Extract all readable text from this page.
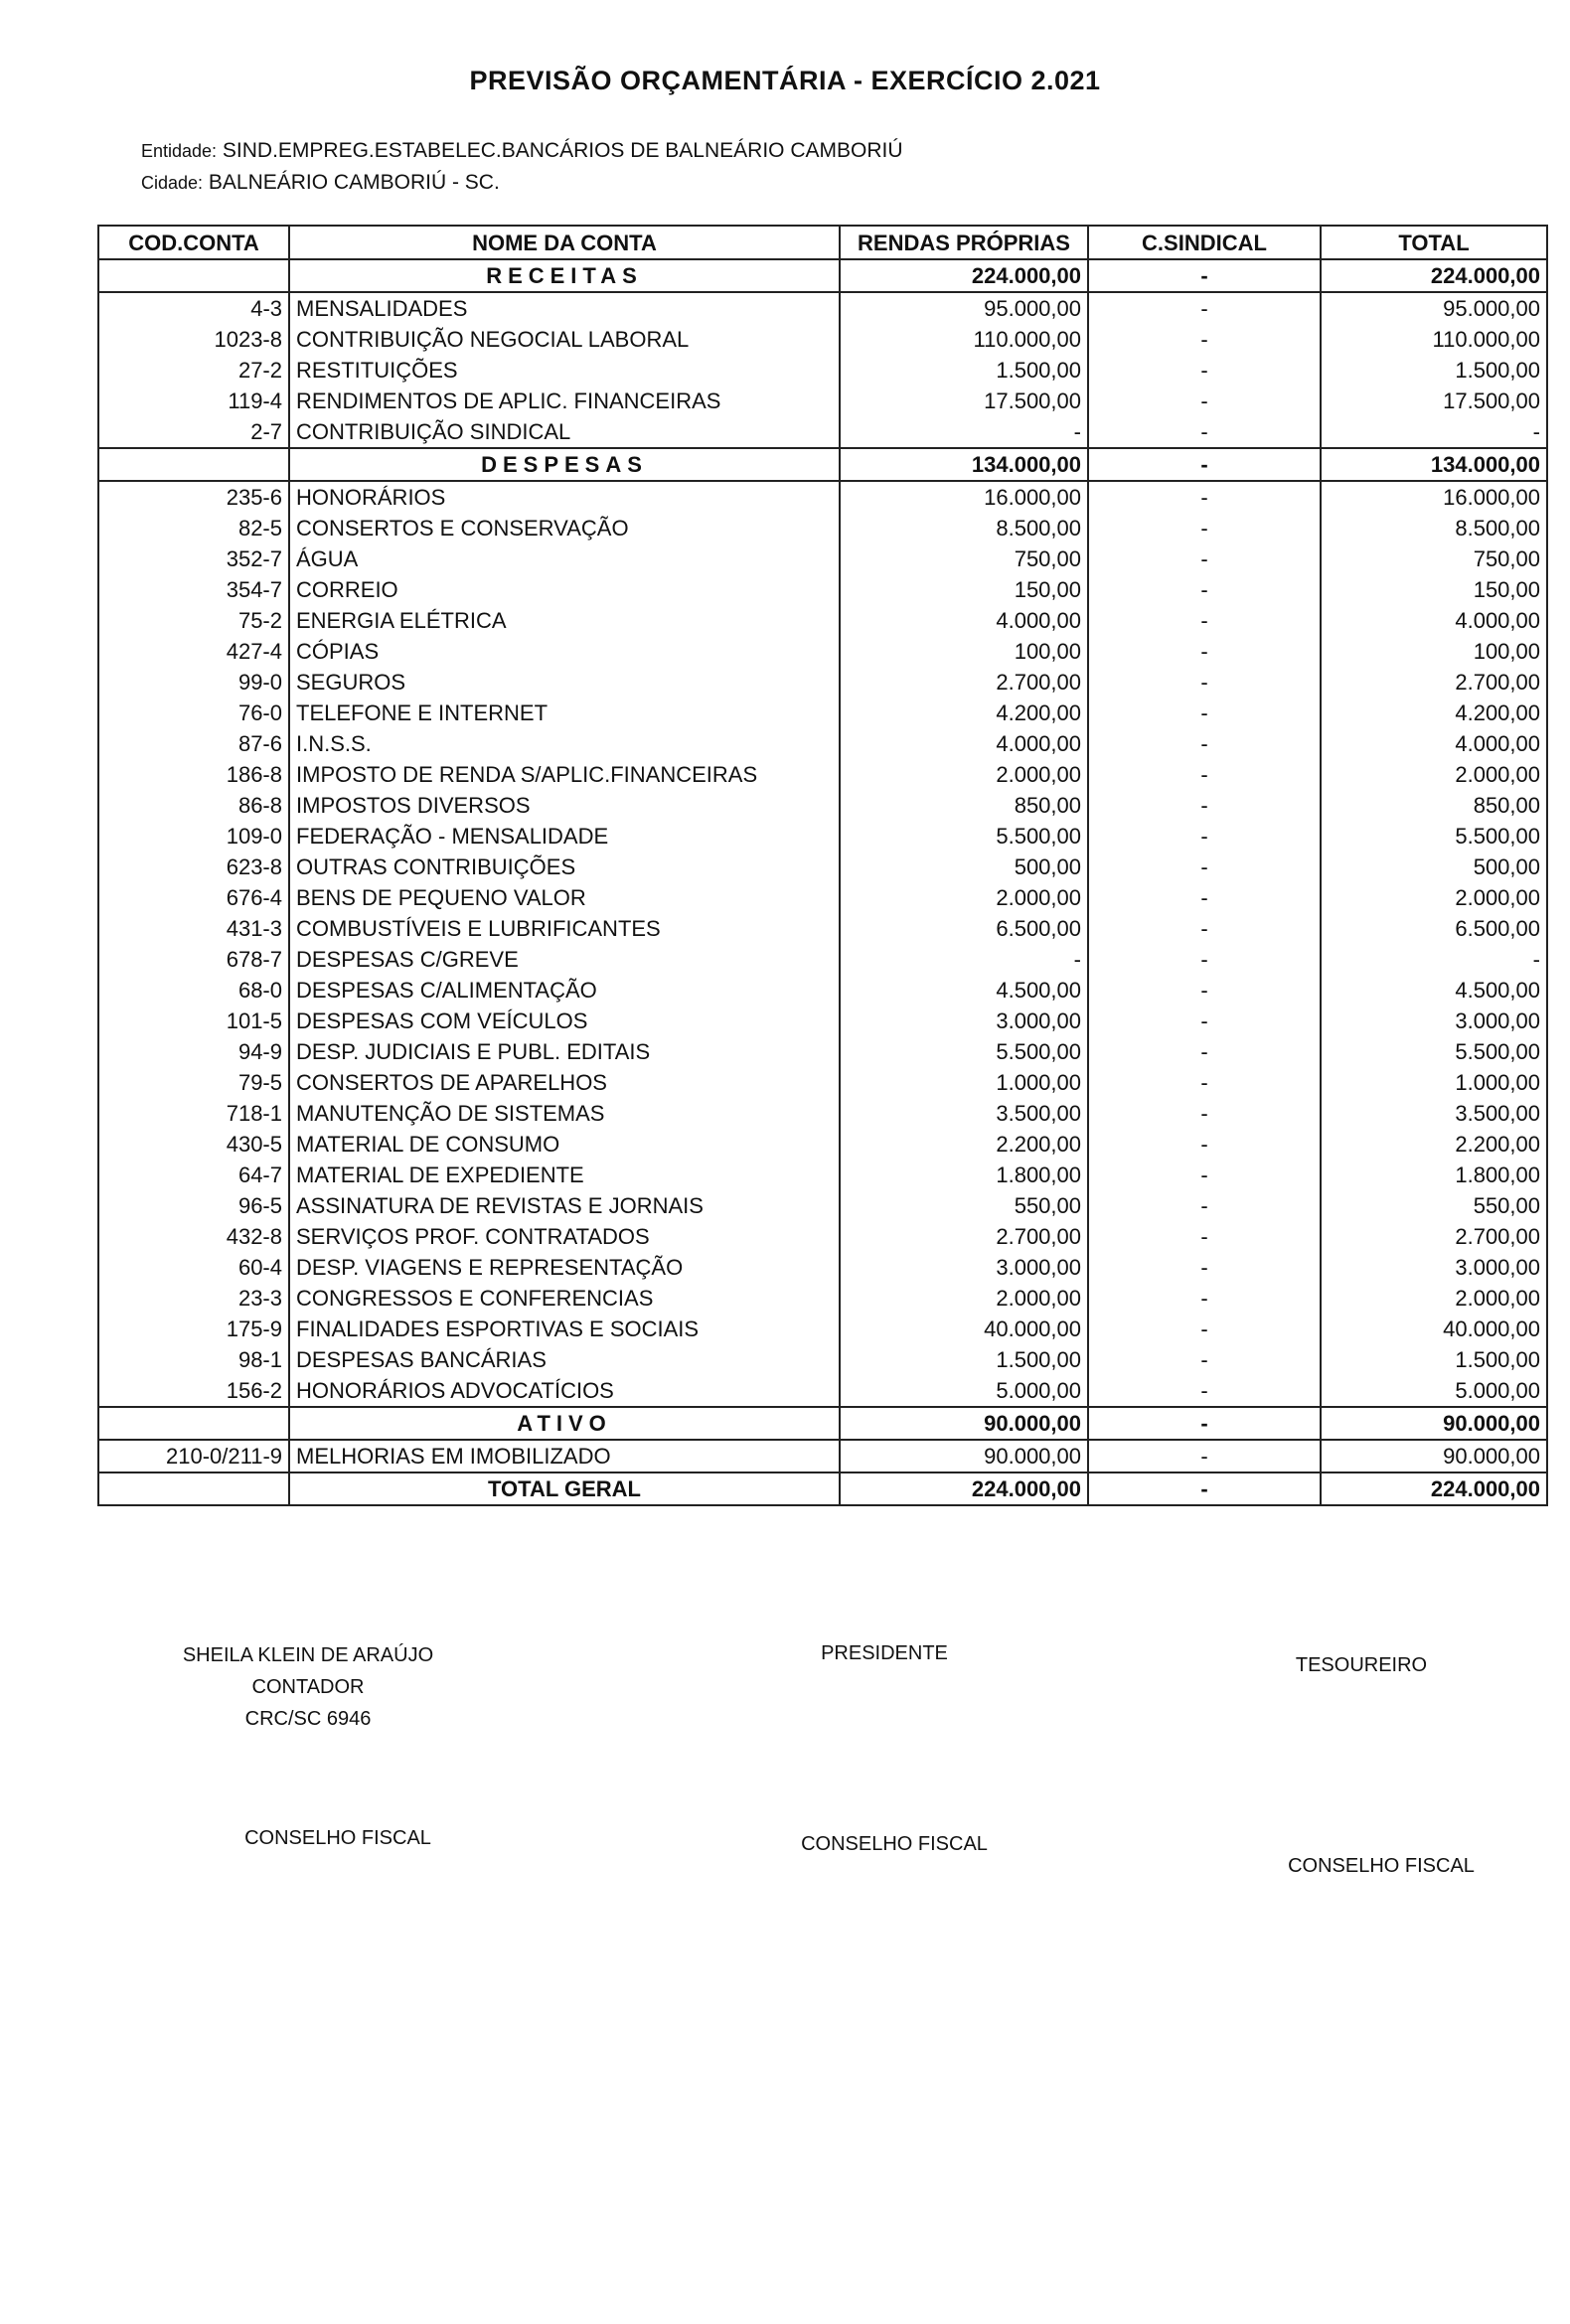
PREVISÃO ORÇAMENTÁRIA - EXERCÍCIO 2.021
Entidade: SIND.EMPREG.ESTABELEC.BANCÁRIOS DE BALNEÁRIO CAMBORIÚ
Cidade: BALNEÁRIO CAMBORIÚ - SC.
COD.CONTA	NOME DA CONTA	RENDAS PRÓPRIAS	C.SINDICAL	TOTAL
	RECEITAS	224.000,00	-	224.000,00
4-3	MENSALIDADES	95.000,00	-	95.000,00
1023-8	CONTRIBUIÇÃO NEGOCIAL LABORAL	110.000,00	-	110.000,00
27-2	RESTITUIÇÕES	1.500,00	-	1.500,00
119-4	RENDIMENTOS DE APLIC. FINANCEIRAS	17.500,00	-	17.500,00
2-7	CONTRIBUIÇÃO SINDICAL	-	-	-
	DESPESAS	134.000,00	-	134.000,00
235-6	HONORÁRIOS	16.000,00	-	16.000,00
82-5	CONSERTOS E CONSERVAÇÃO	8.500,00	-	8.500,00
352-7	ÁGUA	750,00	-	750,00
354-7	CORREIO	150,00	-	150,00
75-2	ENERGIA ELÉTRICA	4.000,00	-	4.000,00
427-4	CÓPIAS	100,00	-	100,00
99-0	SEGUROS	2.700,00	-	2.700,00
76-0	TELEFONE E INTERNET	4.200,00	-	4.200,00
87-6	I.N.S.S.	4.000,00	-	4.000,00
186-8	IMPOSTO DE RENDA S/APLIC.FINANCEIRAS	2.000,00	-	2.000,00
86-8	IMPOSTOS DIVERSOS	850,00	-	850,00
109-0	FEDERAÇÃO - MENSALIDADE	5.500,00	-	5.500,00
623-8	OUTRAS CONTRIBUIÇÕES	500,00	-	500,00
676-4	BENS DE PEQUENO VALOR	2.000,00	-	2.000,00
431-3	COMBUSTÍVEIS E LUBRIFICANTES	6.500,00	-	6.500,00
678-7	DESPESAS C/GREVE	-	-	-
68-0	DESPESAS C/ALIMENTAÇÃO	4.500,00	-	4.500,00
101-5	DESPESAS COM VEÍCULOS	3.000,00	-	3.000,00
94-9	DESP. JUDICIAIS E PUBL. EDITAIS	5.500,00	-	5.500,00
79-5	CONSERTOS DE APARELHOS	1.000,00	-	1.000,00
718-1	MANUTENÇÃO DE SISTEMAS	3.500,00	-	3.500,00
430-5	MATERIAL DE CONSUMO	2.200,00	-	2.200,00
64-7	MATERIAL DE EXPEDIENTE	1.800,00	-	1.800,00
96-5	ASSINATURA DE REVISTAS E JORNAIS	550,00	-	550,00
432-8	SERVIÇOS PROF. CONTRATADOS	2.700,00	-	2.700,00
60-4	DESP. VIAGENS E REPRESENTAÇÃO	3.000,00	-	3.000,00
23-3	CONGRESSOS E CONFERENCIAS	2.000,00	-	2.000,00
175-9	FINALIDADES ESPORTIVAS E SOCIAIS	40.000,00	-	40.000,00
98-1	DESPESAS BANCÁRIAS	1.500,00	-	1.500,00
156-2	HONORÁRIOS ADVOCATÍCIOS	5.000,00	-	5.000,00
	ATIVO	90.000,00	-	90.000,00
210-0/211-9	MELHORIAS EM IMOBILIZADO	90.000,00	-	90.000,00
	TOTAL GERAL	224.000,00	-	224.000,00
SHEILA KLEIN DE ARAÚJO
CONTADOR
CRC/SC 6946
PRESIDENTE
TESOUREIRO
CONSELHO FISCAL	CONSELHO FISCAL
CONSELHO FISCAL
